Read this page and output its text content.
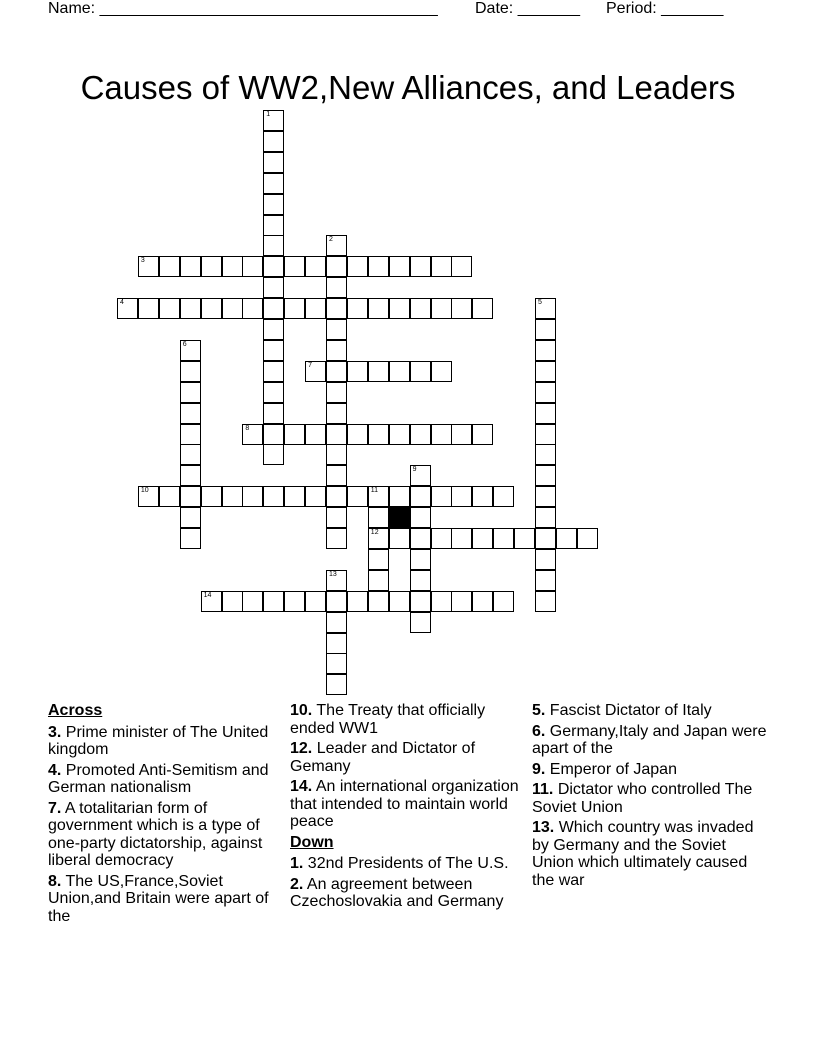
Name: ______________________________________

Date: _______

Period: _______

Causes of WW2,New Alliances, and Leaders
1
2
3
4	5
6
7
8
9
10	11
12
13
14
Across
3. Prime minister of The United kingdom
4. Promoted Anti-Semitism and German nationalism
7. A totalitarian form of government which is a type of one-party dictatorship, against liberal democracy
8. The US,France,Soviet Union,and Britain were apart of the
10. The Treaty that officially ended WW1
12. Leader and Dictator of Gemany
14. An international organization that intended to maintain world peace
Down
1. 32nd Presidents of The U.S.
2. An agreement between Czechoslovakia and Germany
5. Fascist Dictator of Italy
6. Germany,Italy and Japan were apart of the
9. Emperor of Japan
11. Dictator who controlled The Soviet Union
13. Which country was invaded by Germany and the Soviet Union which ultimately caused the war
